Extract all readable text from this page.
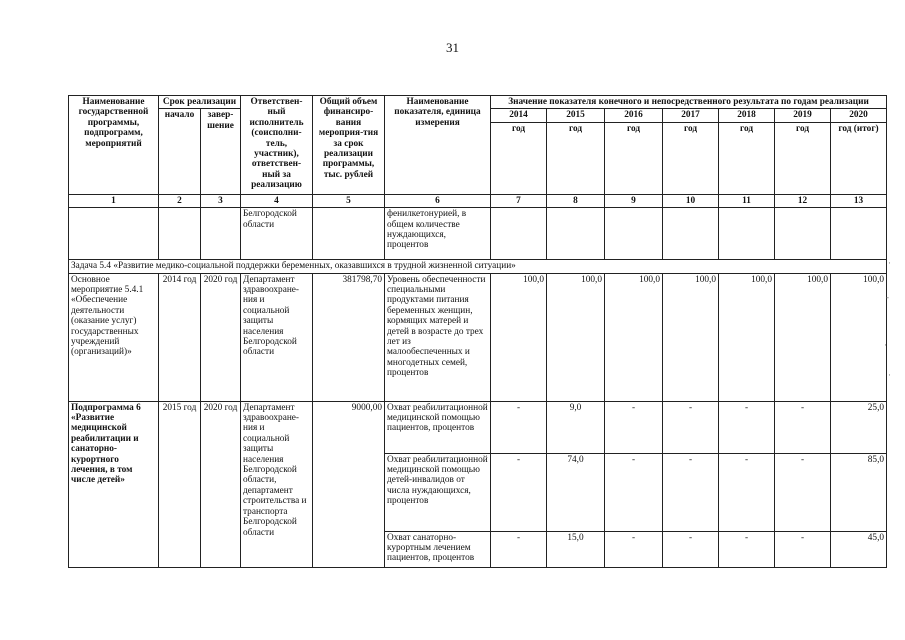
31
Наименование государственной программы, подпрограмм, мероприятий	Срок реализации		Ответствен-ный исполнитель (соисполни-тель, участник), ответствен-ный за реализацию	Общий объем финансиро-вания мероприя-тия за срок реализации программы, тыс. рублей	Наименование показателя, единица измерения	Значение показателя конечного и непосредственного результата по годам реализации						
	начало	завер-шение				2014	2015	2016	2017	2018	2019	2020
						год	год	год	год	год	год	год (итог)
1	2	3	4	5	6	7	8	9	10	11	12	13
			Белгородской области		фенилкетонурией, в общем количестве нуждающихся, процентов							
Задача 5.4 «Развитие медико-социальной поддержки беременных, оказавшихся в трудной жизненной ситуации»												
Основное мероприятие 5.4.1 «Обеспечение деятельности (оказание услуг) государственных учреждений (организаций)»	2014 год	2020 год	Департамент здравоохране-ния и социальной защиты населения Белгородской области	381798,70	Уровень обеспеченности специальными продуктами питания беременных женщин, кормящих матерей и детей в возрасте до трех лет из малообеспеченных и многодетных семей, процентов	100,0	100,0	100,0	100,0	100,0	100,0	100,0
Подпрограмма 6 «Развитие медицинской реабилитации и санаторно-курортного лечения, в том числе детей»	2015 год	2020 год	Департамент здравоохране-ния и социальной защиты населения Белгородской области, департамент строительства и транспорта Белгородской области	9000,00	Охват реабилитационной медицинской помощью пациентов, процентов	-	9,0	-	-	-	-	25,0
					Охват реабилитационной медицинской помощью детей-инвалидов от числа нуждающихся, процентов	-	74,0	-	-	-	-	85,0
					Охват санаторно-курортным лечением пациентов, процентов	-	15,0	-	-	-	-	45,0
·
-
·
·
